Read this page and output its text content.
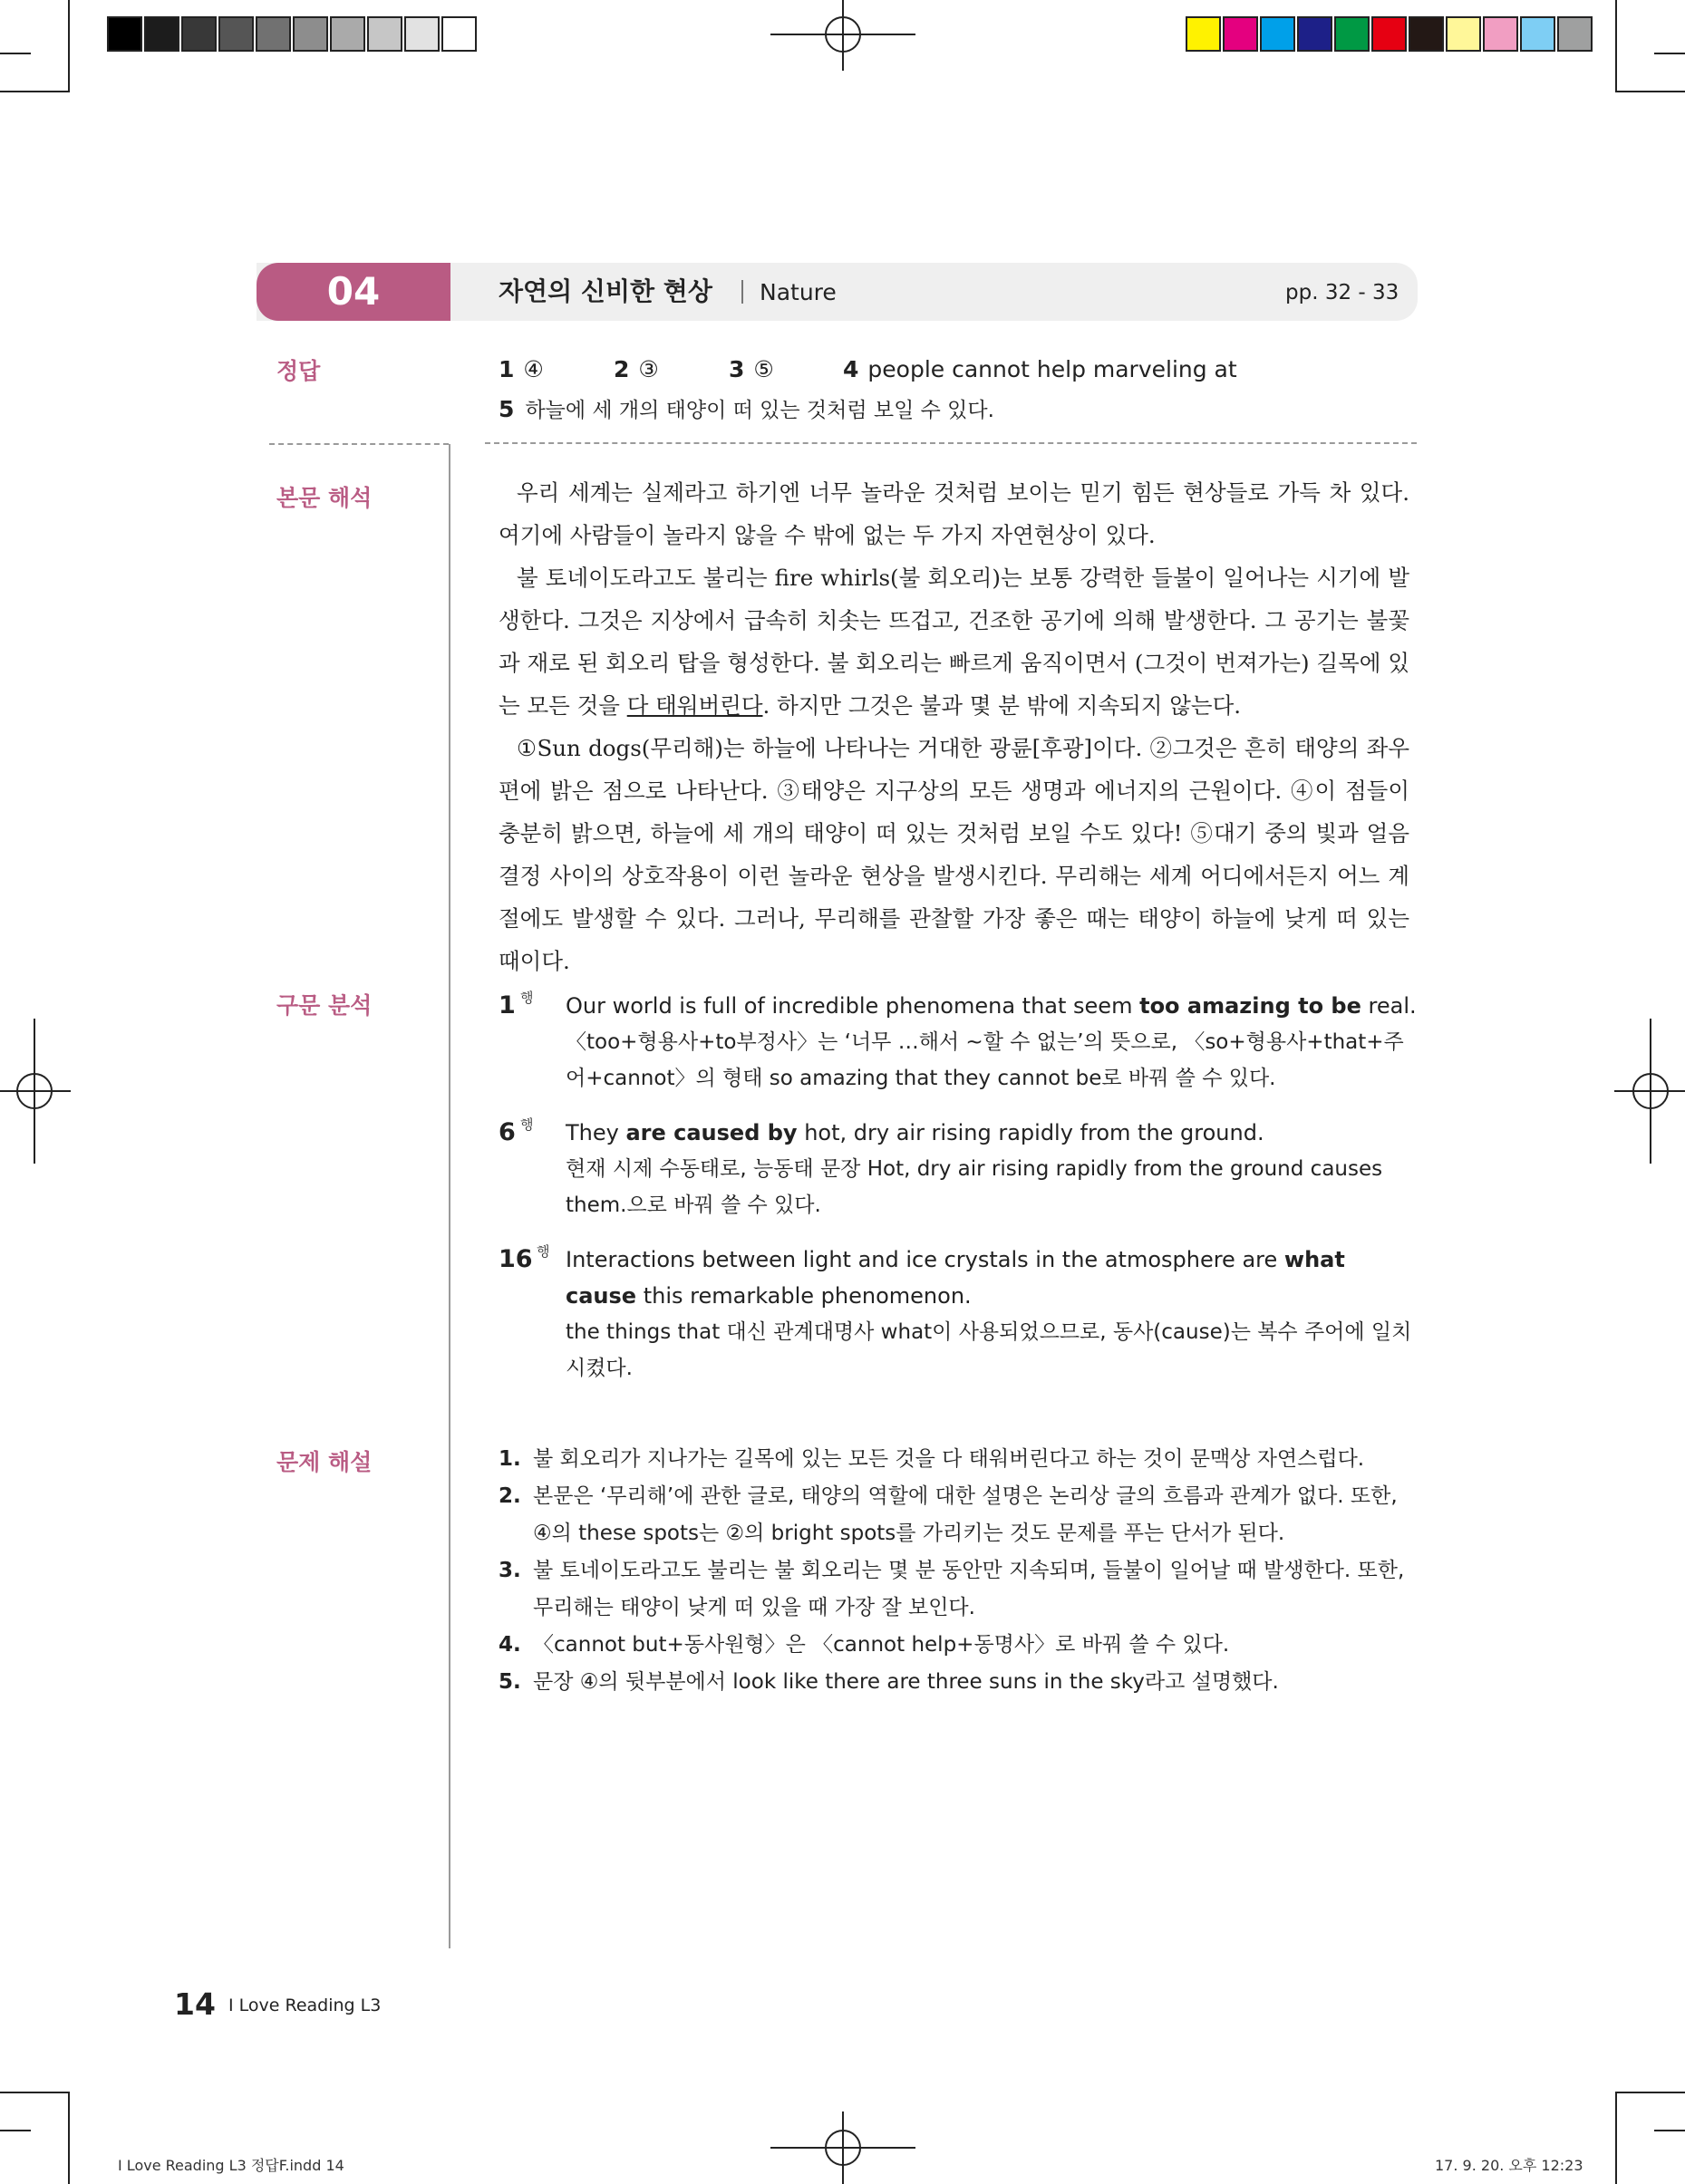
04	자연의 신비한 현상 Nature	pp. 32 - 33
정답
본문 해석
구문 분석
문제 해설
1 ④	2 ③	3 ⑤	4 people cannot help marveling at
5 하늘에 세 개의 태양이 떠 있는 것처럼 보일 수 있다.

우리 세계는 실제라고 하기엔 너무 놀라운 것처럼 보이는 믿기 힘든 현상들로 가득 차 있다. 여기에 사람들이 놀라지 않을 수 밖에 없는 두 가지 자연현상이 있다.

불 토네이도라고도 불리는 fire whirls(불 회오리)는 보통 강력한 들불이 일어나는 시기에 발생한다. 그것은 지상에서 급속히 치솟는 뜨겁고, 건조한 공기에 의해 발생한다. 그 공기는 불꽃과 재로 된 회오리 탑을 형성한다. 불 회오리는 빠르게 움직이면서 (그것이 번져가는) 길목에 있는 모든 것을 다 태워버린다. 하지만 그것은 불과 몇 분 밖에 지속되지 않는다.

①Sun dogs(무리해)는 하늘에 나타나는 거대한 광륜[후광]이다. ②그것은 흔히 태양의 좌우편에 밝은 점으로 나타난다. ③태양은 지구상의 모든 생명과 에너지의 근원이다. ④이 점들이 충분히 밝으면, 하늘에 세 개의 태양이 떠 있는 것처럼 보일 수도 있다! ⑤대기 중의 빛과 얼음결정 사이의 상호작용이 이런 놀라운 현상을 발생시킨다. 무리해는 세계 어디에서든지 어느 계절에도 발생할 수 있다. 그러나, 무리해를 관찰할 가장 좋은 때는 태양이 하늘에 낮게 떠 있는 때이다.

1 행 Our world is full of incredible phenomena that seem too amazing to be real.
〈too+형용사+to부정사〉는 ‘너무 …해서 ~할 수 없는’의 뜻으로, 〈so+형용사+that+주어+cannot〉의 형태 so amazing that they cannot be로 바꿔 쓸 수 있다.
6 행 They are caused by hot, dry air rising rapidly from the ground.
현재 시제 수동태로, 능동태 문장 Hot, dry air rising rapidly from the ground causes them.으로 바꿔 쓸 수 있다.
16 행 Interactions between light and ice crystals in the atmosphere are what cause this remarkable phenomenon.
the things that 대신 관계대명사 what이 사용되었으므로, 동사(cause)는 복수 주어에 일치시켰다.
1. 불 회오리가 지나가는 길목에 있는 모든 것을 다 태워버린다고 하는 것이 문맥상 자연스럽다.
2. 본문은 ‘무리해’에 관한 글로, 태양의 역할에 대한 설명은 논리상 글의 흐름과 관계가 없다. 또한, ④의 these spots는 ②의 bright spots를 가리키는 것도 문제를 푸는 단서가 된다.
3. 불 토네이도라고도 불리는 불 회오리는 몇 분 동안만 지속되며, 들불이 일어날 때 발생한다. 또한, 무리해는 태양이 낮게 떠 있을 때 가장 잘 보인다.
4. 〈cannot but+동사원형〉은 〈cannot help+동명사〉로 바꿔 쓸 수 있다.
5. 문장 ④의 뒷부분에서 look like there are three suns in the sky라고 설명했다.
14 I Love Reading L3
I Love Reading L3 정답F.indd 14	17. 9. 20. 오후 12:23
